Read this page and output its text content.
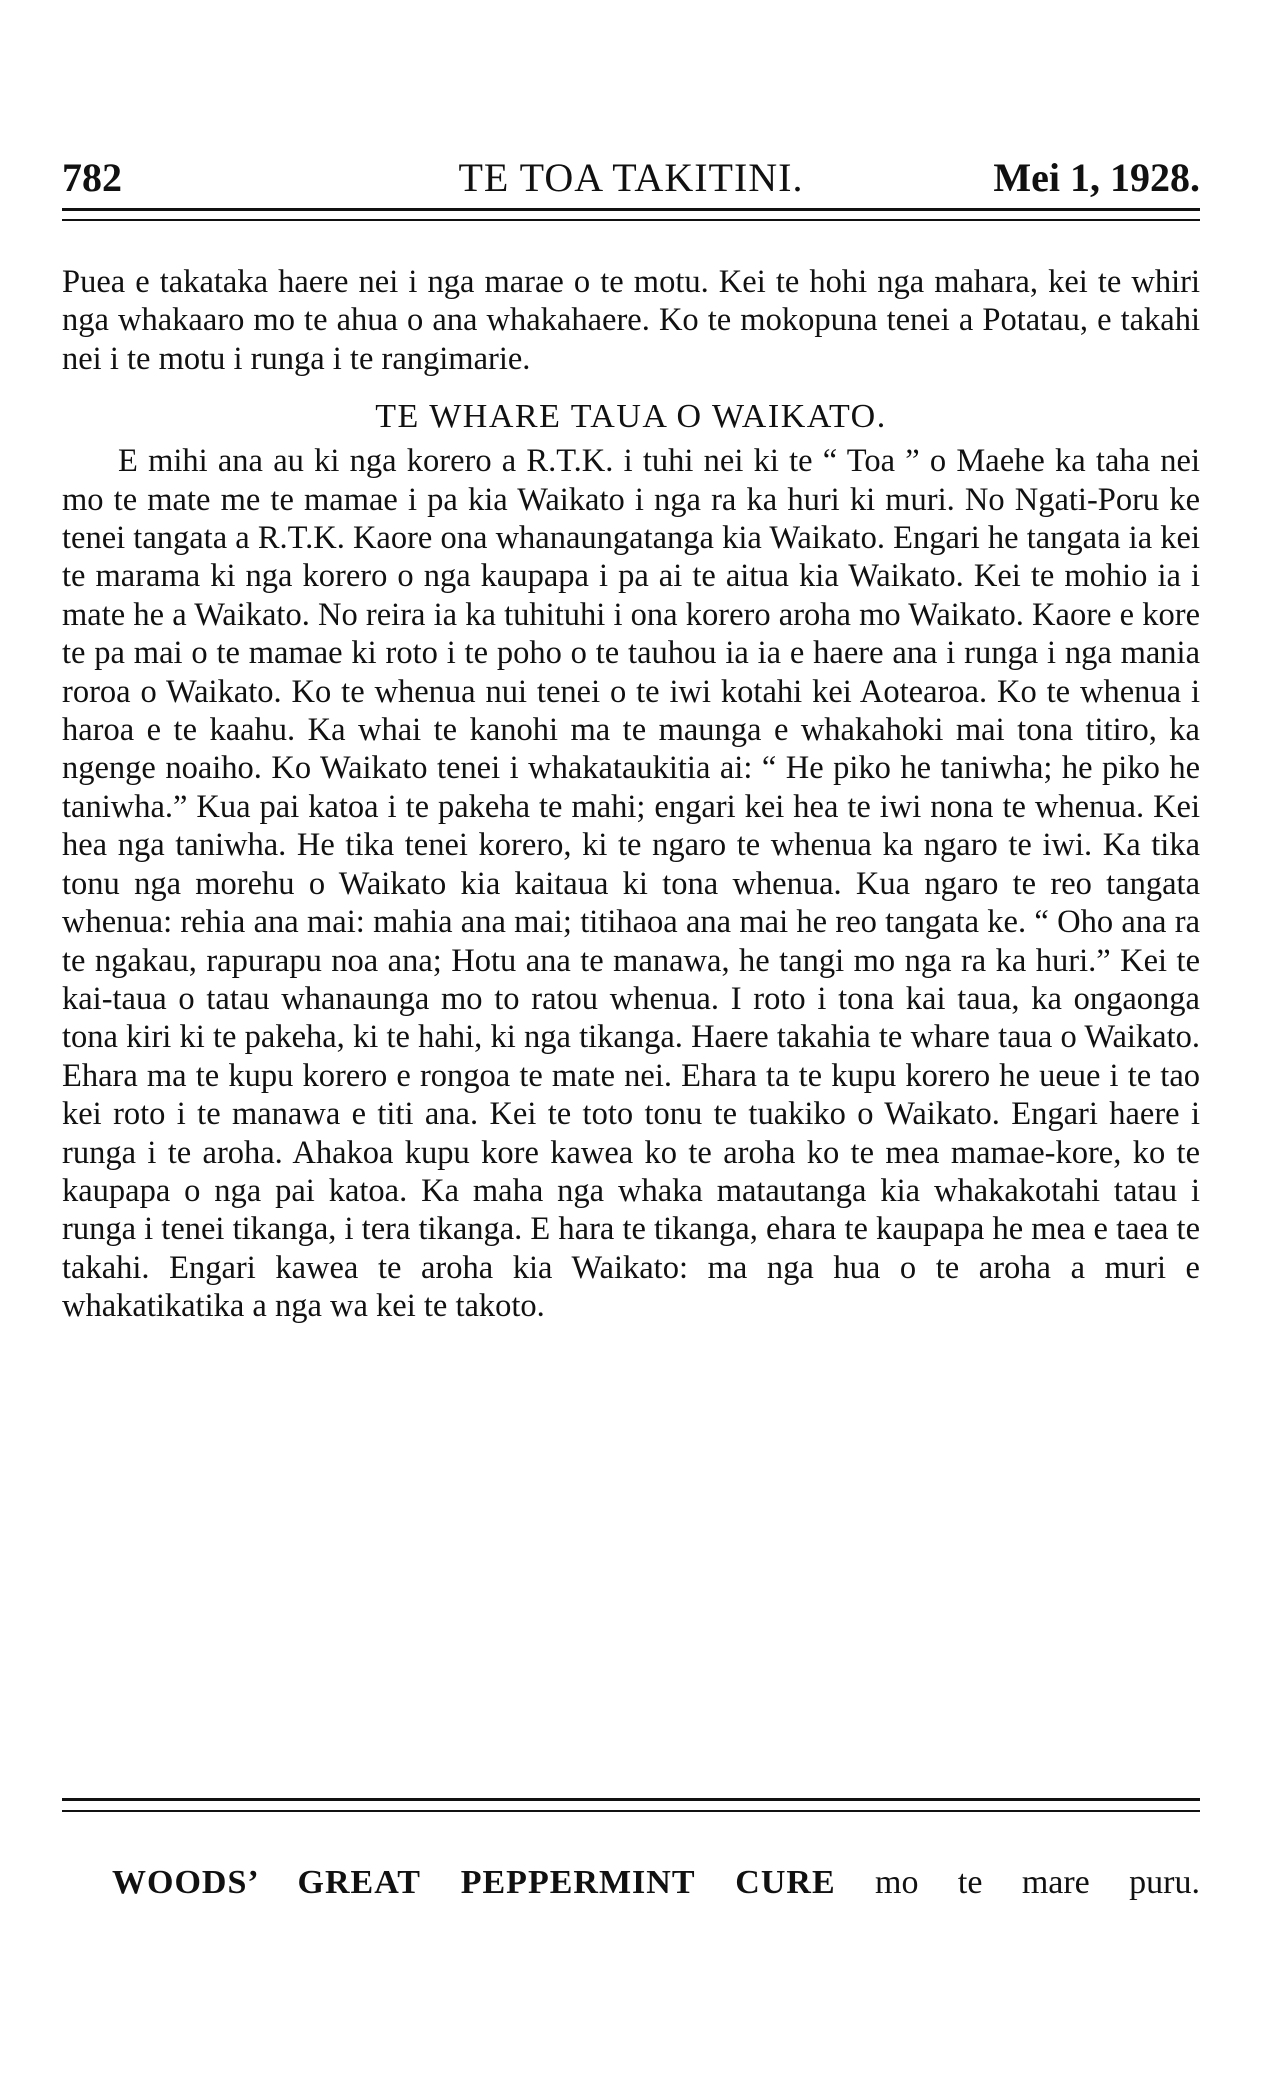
782	TE TOA TAKITINI.	Mei 1, 1928.

Puea e takataka haere nei i nga marae o te motu. Kei te hohi nga mahara, kei te whiri nga whakaaro mo te ahua o ana whakahaere. Ko te mokopuna tenei a Potatau, e takahi nei i te motu i runga i te rangimarie.

TE WHARE TAUA O WAIKATO.

E mihi ana au ki nga korero a R.T.K. i tuhi nei ki te “ Toa ” o Maehe ka taha nei mo te mate me te mamae i pa kia Waikato i nga ra ka huri ki muri. No Ngati-Poru ke tenei tangata a R.T.K. Kaore ona whanaungatanga kia Waikato. Engari he tangata ia kei te marama ki nga korero o nga kaupapa i pa ai te aitua kia Waikato. Kei te mohio ia i mate he a Waikato. No reira ia ka tuhituhi i ona korero aroha mo Waikato. Kaore e kore te pa mai o te mamae ki roto i te poho o te tauhou ia ia e haere ana i runga i nga mania roroa o Waikato. Ko te whenua nui tenei o te iwi kotahi kei Aotearoa. Ko te whenua i haroa e te kaahu. Ka whai te kanohi ma te maunga e whakahoki mai tona titiro, ka ngenge noaiho. Ko Waikato tenei i whakataukitia ai: “ He piko he taniwha; he piko he taniwha.” Kua pai katoa i te pakeha te mahi; engari kei hea te iwi nona te whenua. Kei hea nga taniwha. He tika tenei korero, ki te ngaro te whenua ka ngaro te iwi. Ka tika tonu nga morehu o Waikato kia kaitaua ki tona whenua. Kua ngaro te reo tangata whenua: rehia ana mai: mahia ana mai; titihaoa ana mai he reo tangata ke. “ Oho ana ra te ngakau, rapurapu noa ana; Hotu ana te manawa, he tangi mo nga ra ka huri.” Kei te kai-taua o tatau whanaunga mo to ratou whenua. I roto i tona kai taua, ka ongaonga tona kiri ki te pakeha, ki te hahi, ki nga tikanga. Haere takahia te whare taua o Waikato. Ehara ma te kupu korero e rongoa te mate nei. Ehara ta te kupu korero he ueue i te tao kei roto i te manawa e titi ana. Kei te toto tonu te tuakiko o Waikato. Engari haere i runga i te aroha. Ahakoa kupu kore kawea ko te aroha ko te mea mamae-kore, ko te kaupapa o nga pai katoa. Ka maha nga whaka matautanga kia whakakotahi tatau i runga i tenei tikanga, i tera tikanga. E hara te tikanga, ehara te kaupapa he mea e taea te takahi. Engari kawea te aroha kia Waikato: ma nga hua o te aroha a muri e whakatikatika a nga wa kei te takoto.

WOODS’ GREAT PEPPERMINT CURE mo te mare puru.
